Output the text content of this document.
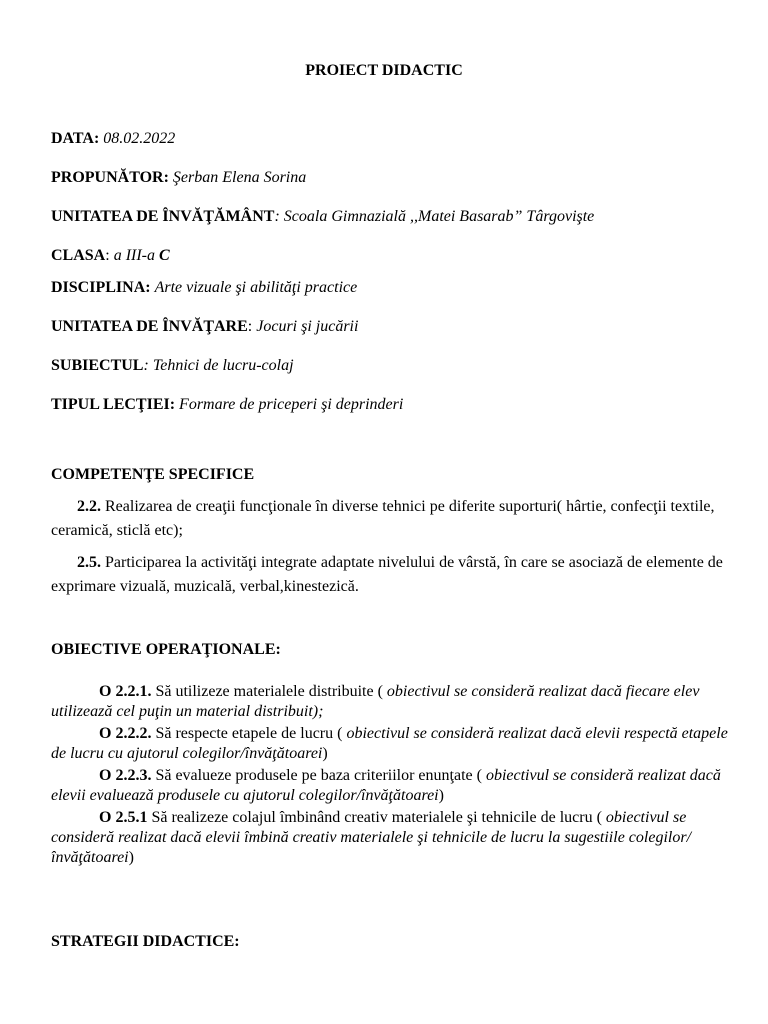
PROIECT DIDACTIC
DATA: 08.02.2022
PROPUNĂTOR: Şerban Elena Sorina
UNITATEA DE ÎNVĂŢĂMÂNT: Scoala Gimnazială ,,Matei Basarab” Târgovişte
CLASA: a III-a C
DISCIPLINA: Arte vizuale şi abilităţi practice
UNITATEA DE ÎNVĂŢARE: Jocuri şi jucării
SUBIECTUL: Tehnici de lucru-colaj
TIPUL LECŢIEI: Formare de priceperi şi deprinderi
COMPETENŢE SPECIFICE
2.2. Realizarea de creaţii funcţionale în diverse tehnici pe diferite suporturi( hârtie, confecţii textile, ceramică, sticlă etc);
2.5. Participarea la activităţi integrate adaptate nivelului de vârstă, în care se asociază de elemente de exprimare vizuală, muzicală, verbal,kinestezică.
OBIECTIVE OPERAŢIONALE:
O 2.2.1. Să utilizeze materialele distribuite ( obiectivul se consideră realizat dacă fiecare elev utilizează cel puţin un material distribuit);
O 2.2.2. Să respecte etapele de lucru ( obiectivul se consideră realizat dacă elevii respectă etapele de lucru cu ajutorul colegilor/învăţătoarei)
O 2.2.3. Să evalueze produsele pe baza criteriilor enunţate ( obiectivul se consideră realizat dacă elevii evaluează produsele cu ajutorul colegilor/învăţătoarei)
O 2.5.1 Să realizeze colajul îmbinând creativ materialele şi tehnicile de lucru ( obiectivul se consideră realizat dacă elevii îmbină creativ materialele şi tehnicile de lucru la sugestiile colegilor/învăţătoarei)
STRATEGII DIDACTICE:
